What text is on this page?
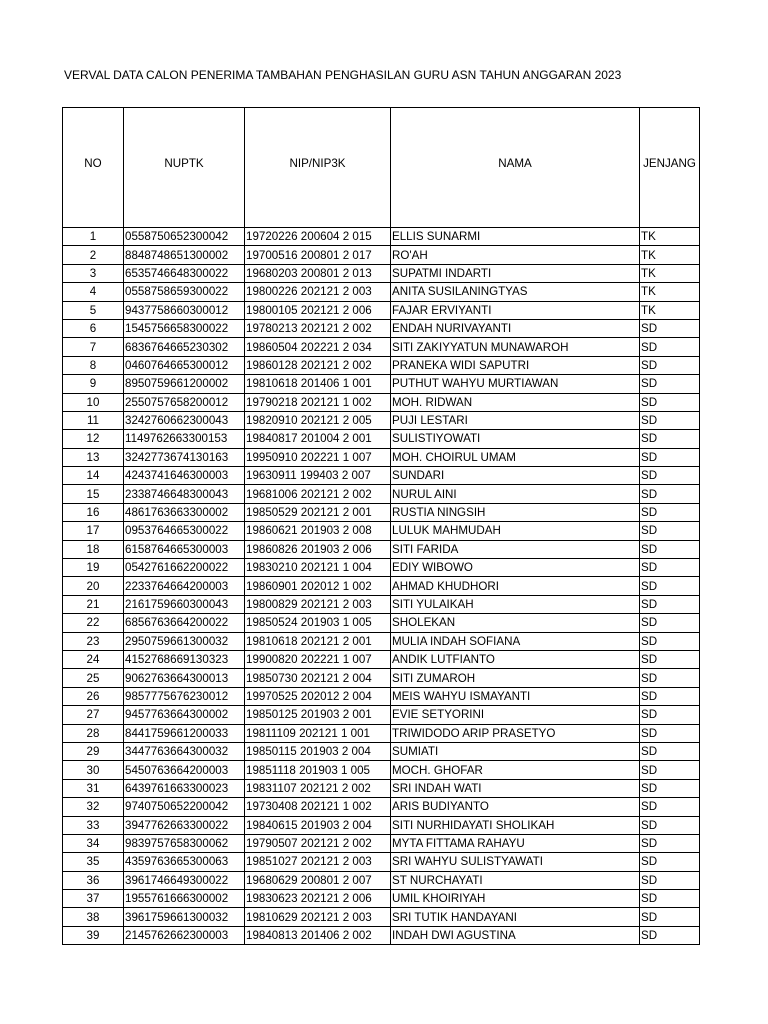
VERVAL DATA CALON PENERIMA TAMBAHAN PENGHASILAN GURU ASN TAHUN ANGGARAN 2023
NO	NUPTK	NIP/NIP3K	NAMA	JENJANG
1	0558750652300042	19720226 200604 2 015	ELLIS SUNARMI	TK
2	8848748651300002	19700516 200801 2 017	RO'AH	TK
3	6535746648300022	19680203 200801 2 013	SUPATMI INDARTI	TK
4	0558758659300022	19800226 202121 2 003	ANITA SUSILANINGTYAS	TK
5	9437758660300012	19800105 202121 2 006	FAJAR ERVIYANTI	TK
6	1545756658300022	19780213 202121 2 002	ENDAH NURIVAYANTI	SD
7	6836764665230302	19860504 202221 2 034	SITI ZAKIYYATUN MUNAWAROH	SD
8	0460764665300012	19860128 202121 2 002	PRANEKA WIDI SAPUTRI	SD
9	8950759661200002	19810618 201406 1 001	PUTHUT WAHYU MURTIAWAN	SD
10	2550757658200012	19790218 202121 1 002	MOH. RIDWAN	SD
11	3242760662300043	19820910 202121 2 005	PUJI LESTARI	SD
12	1149762663300153	19840817 201004 2 001	SULISTIYOWATI	SD
13	3242773674130163	19950910 202221 1 007	MOH. CHOIRUL UMAM	SD
14	4243741646300003	19630911 199403 2 007	SUNDARI	SD
15	2338746648300043	19681006 202121 2 002	NURUL AINI	SD
16	4861763663300002	19850529 202121 2 001	RUSTIA NINGSIH	SD
17	0953764665300022	19860621 201903 2 008	LULUK MAHMUDAH	SD
18	6158764665300003	19860826 201903 2 006	SITI FARIDA	SD
19	0542761662200022	19830210 202121 1 004	EDIY WIBOWO	SD
20	2233764664200003	19860901 202012 1 002	AHMAD KHUDHORI	SD
21	2161759660300043	19800829 202121 2 003	SITI YULAIKAH	SD
22	6856763664200022	19850524 201903 1 005	SHOLEKAN	SD
23	2950759661300032	19810618 202121 2 001	MULIA INDAH SOFIANA	SD
24	4152768669130323	19900820 202221 1 007	ANDIK LUTFIANTO	SD
25	9062763664300013	19850730 202121 2 004	SITI ZUMAROH	SD
26	9857775676230012	19970525 202012 2 004	MEIS WAHYU ISMAYANTI	SD
27	9457763664300002	19850125 201903 2 001	EVIE SETYORINI	SD
28	8441759661200033	19811109 202121 1 001	TRIWIDODO ARIP PRASETYO	SD
29	3447763664300032	19850115 201903 2 004	SUMIATI	SD
30	5450763664200003	19851118 201903 1 005	MOCH. GHOFAR	SD
31	6439761663300023	19831107 202121 2 002	SRI INDAH WATI	SD
32	9740750652200042	19730408 202121 1 002	ARIS BUDIYANTO	SD
33	3947762663300022	19840615 201903 2 004	SITI NURHIDAYATI SHOLIKAH	SD
34	9839757658300062	19790507 202121 2 002	MYTA FITTAMA RAHAYU	SD
35	4359763665300063	19851027 202121 2 003	SRI WAHYU SULISTYAWATI	SD
36	3961746649300022	19680629 200801 2 007	ST NURCHAYATI	SD
37	1955761666300002	19830623 202121 2 006	UMIL KHOIRIYAH	SD
38	3961759661300032	19810629 202121 2 003	SRI TUTIK HANDAYANI	SD
39	2145762662300003	19840813 201406 2 002	INDAH DWI AGUSTINA	SD
